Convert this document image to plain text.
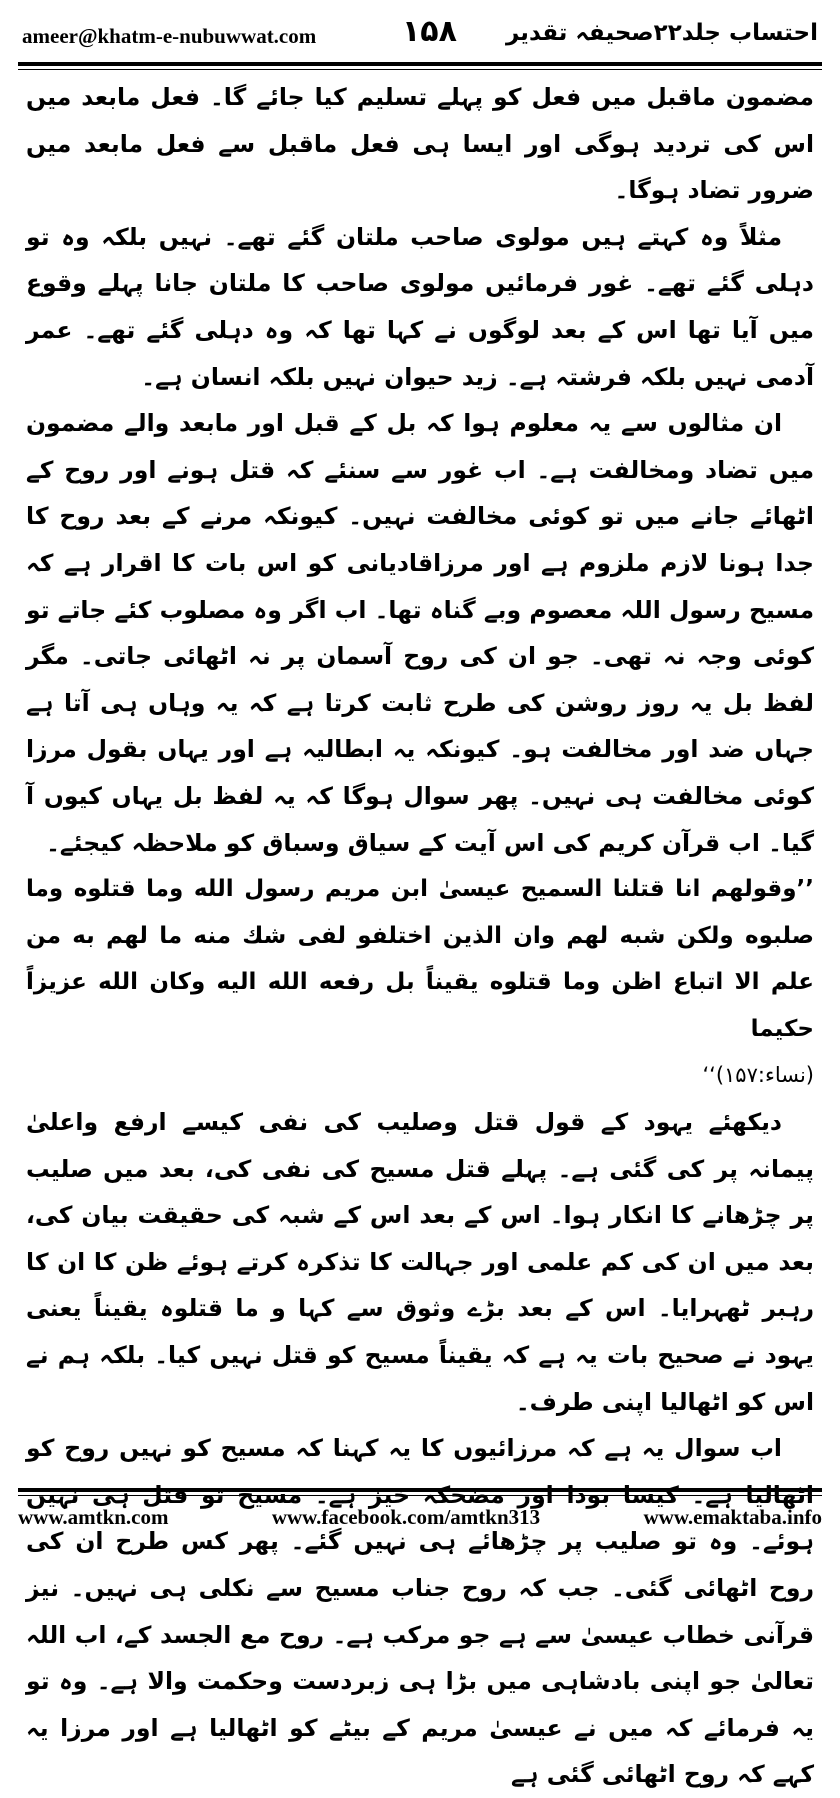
ameer@khatm-e-nubuwwat.com	۱۵۸ احتساب جلد۲۲صحیفہ تقدیر

مضمون ماقبل میں فعل کو پہلے تسلیم کیا جائے گا۔ فعل مابعد میں اس کی تردید ہوگی اور ایسا ہی فعل ماقبل سے فعل مابعد میں ضرور تضاد ہوگا۔

مثلاً وہ کہتے ہیں مولوی صاحب ملتان گئے تھے۔ نہیں بلکہ وہ تو دہلی گئے تھے۔ غور فرمائیں مولوی صاحب کا ملتان جانا پہلے وقوع میں آیا تھا اس کے بعد لوگوں نے کہا تھا کہ وہ دہلی گئے تھے۔ عمر آدمی نہیں بلکہ فرشتہ ہے۔ زید حیوان نہیں بلکہ انسان ہے۔

ان مثالوں سے یہ معلوم ہوا کہ بل کے قبل اور مابعد والے مضمون میں تضاد ومخالفت ہے۔ اب غور سے سنئے کہ قتل ہونے اور روح کے اٹھائے جانے میں تو کوئی مخالفت نہیں۔ کیونکہ مرنے کے بعد روح کا جدا ہونا لازم ملزوم ہے اور مرزاقادیانی کو اس بات کا اقرار ہے کہ مسیح رسول اللہ معصوم وبے گناہ تھا۔ اب اگر وہ مصلوب کئے جاتے تو کوئی وجہ نہ تھی۔ جو ان کی روح آسمان پر نہ اٹھائی جاتی۔ مگر لفظ بل یہ روز روشن کی طرح ثابت کرتا ہے کہ یہ وہاں ہی آتا ہے جہاں ضد اور مخالفت ہو۔ کیونکہ یہ ابطالیہ ہے اور یہاں بقول مرزا کوئی مخالفت ہی نہیں۔ پھر سوال ہوگا کہ یہ لفظ بل یہاں کیوں آ گیا۔ اب قرآن کریم کی اس آیت کے سیاق وسباق کو ملاحظہ کیجئے۔

’’وقولهم انا قتلنا السميح عيسىٰ ابن مريم رسول الله وما قتلوه وما صلبوه ولكن شبه لهم وان الذين اختلفو لفى شك منه ما لهم به من علم الا اتباع اظن وما قتلوه يقيناً بل رفعه الله اليه وكان الله عزيزاً حكيما
(نساء:۱۵۷)‘‘

دیکھئے یہود کے قول قتل وصلیب کی نفی کیسے ارفع واعلیٰ پیمانہ پر کی گئی ہے۔ پہلے قتل مسیح کی نفی کی، بعد میں صلیب پر چڑھانے کا انکار ہوا۔ اس کے بعد اس کے شبہ کی حقیقت بیان کی، بعد میں ان کی کم علمی اور جہالت کا تذکرہ کرتے ہوئے ظن کا ان کا رہبر ٹھہرایا۔ اس کے بعد بڑے وثوق سے کہا و ما قتلوہ یقیناً یعنی یہود نے صحیح بات یہ ہے کہ یقیناً مسیح کو قتل نہیں کیا۔ بلکہ ہم نے اس کو اٹھالیا اپنی طرف۔

اب سوال یہ ہے کہ مرزائیوں کا یہ کہنا کہ مسیح کو نہیں روح کو اٹھالیا ہے۔ کیسا بودا اور مضحکہ خیز ہے۔ مسیح تو قتل ہی نہیں ہوئے۔ وہ تو صلیب پر چڑھائے ہی نہیں گئے۔ پھر کس طرح ان کی روح اٹھائی گئی۔ جب کہ روح جناب مسیح سے نکلی ہی نہیں۔ نیز قرآنی خطاب عیسیٰ سے ہے جو مرکب ہے۔ روح مع الجسد کے، اب اللہ تعالیٰ جو اپنی بادشاہی میں بڑا ہی زبردست وحکمت والا ہے۔ وہ تو یہ فرمائے کہ میں نے عیسیٰ مریم کے بیٹے کو اٹھالیا ہے اور مرزا یہ کہے کہ روح اٹھائی گئی ہے

www.amtkn.com	www.facebook.com/amtkn313	www.emaktaba.info
